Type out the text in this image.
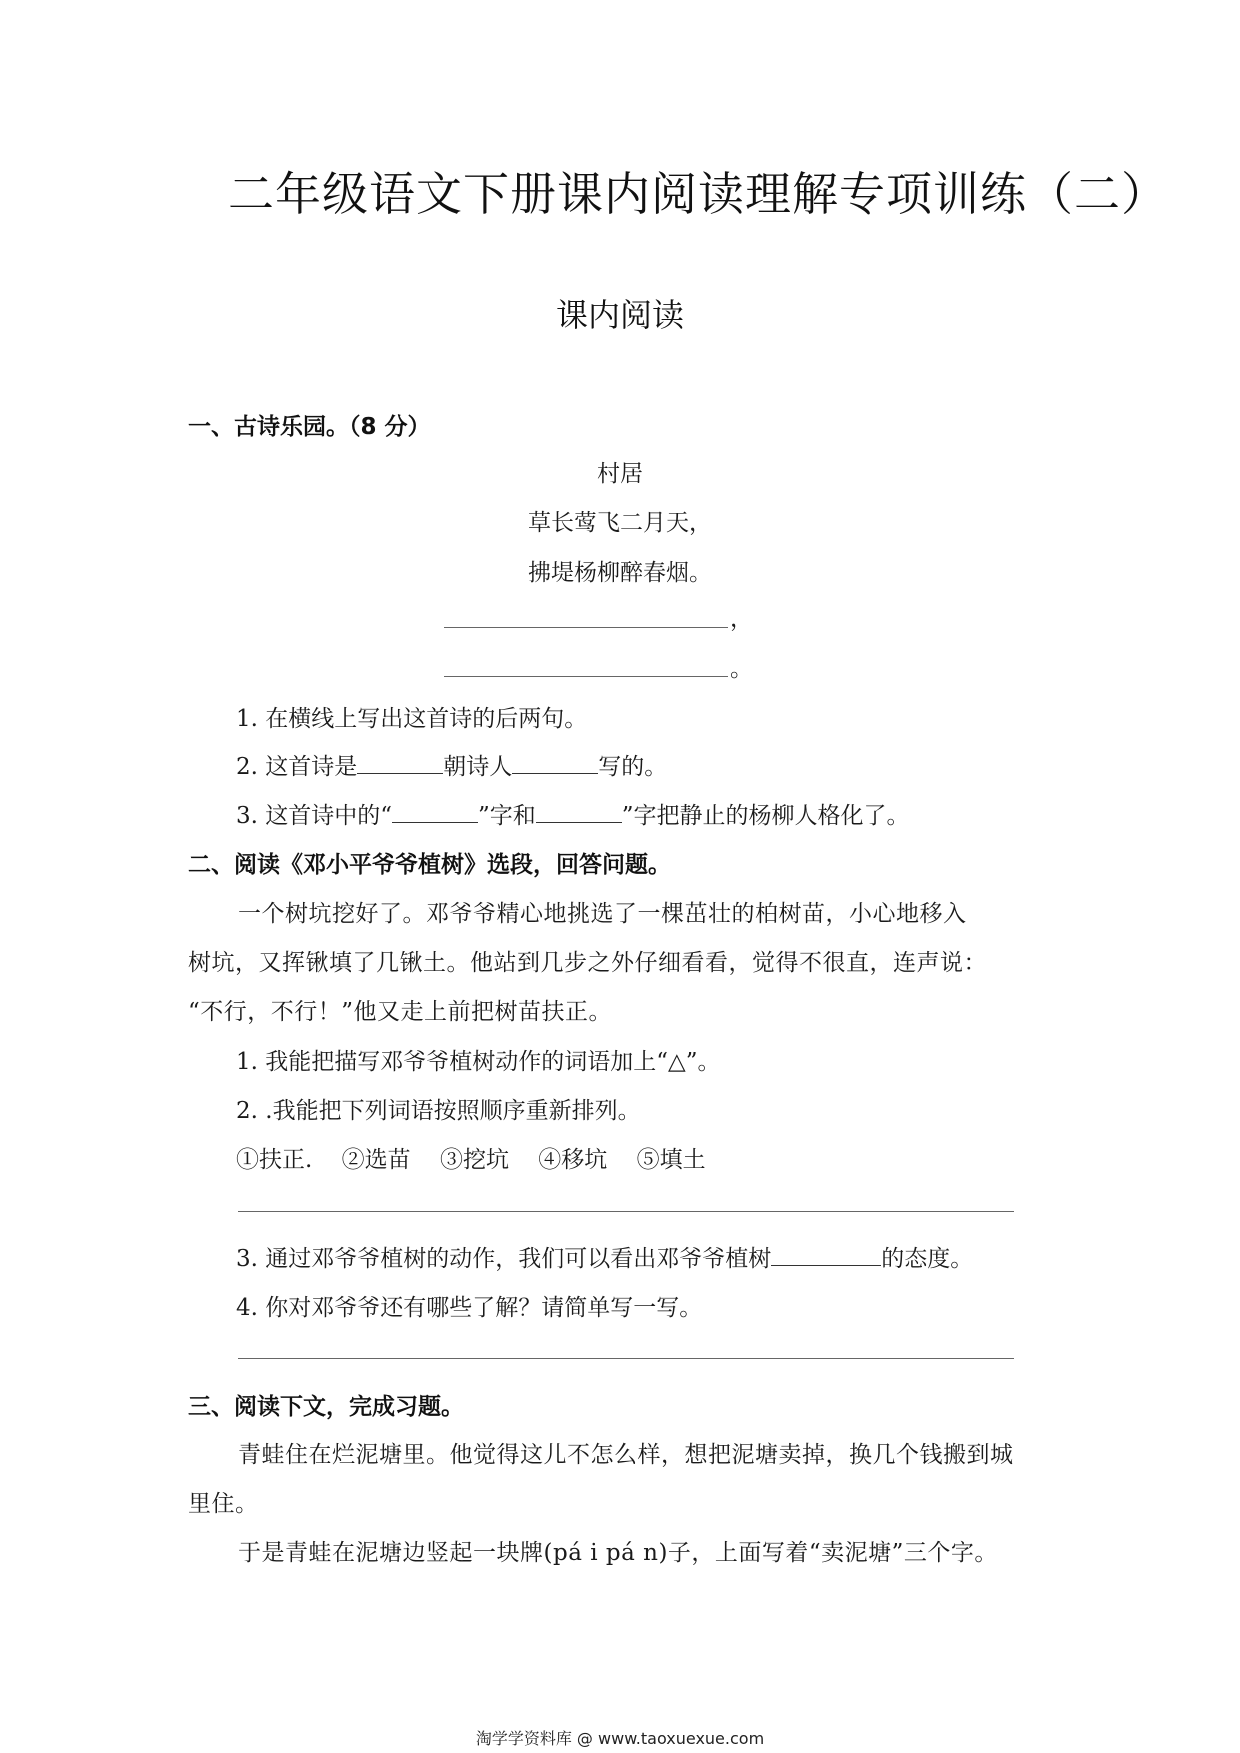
二年级语文下册课内阅读理解专项训练（二）
课内阅读
一、古诗乐园。（8 分）
村居
草长莺飞二月天，
拂堤杨柳醉春烟。
，
。
1. 在横线上写出这首诗的后两句。
2. 这首诗是	朝诗人	写的。
3. 这首诗中的“	”字和	”字把静止的杨柳人格化了。
二、阅读《邓小平爷爷植树》选段，回答问题。
一个树坑挖好了。邓爷爷精心地挑选了一棵茁壮的柏树苗，小心地移入
树坑，又挥锹填了几锹土。他站到几步之外仔细看看，觉得不很直，连声说：
“不行，不行！”他又走上前把树苗扶正。
1. 我能把描写邓爷爷植树动作的词语加上“△”。
2. .我能把下列词语按照顺序重新排列。
①扶正. ②选苗 ③挖坑 ④移坑 ⑤填土
3. 通过邓爷爷植树的动作，我们可以看出邓爷爷植树	的态度。
4. 你对邓爷爷还有哪些了解？请简单写一写。
三、阅读下文，完成习题。
青蛙住在烂泥塘里。他觉得这儿不怎么样，想把泥塘卖掉，换几个钱搬到城
里住。
于是青蛙在泥塘边竖起一块牌(pá i pá n)子，上面写着“卖泥塘”三个字。
淘学学资料库 @ www.taoxuexue.com
